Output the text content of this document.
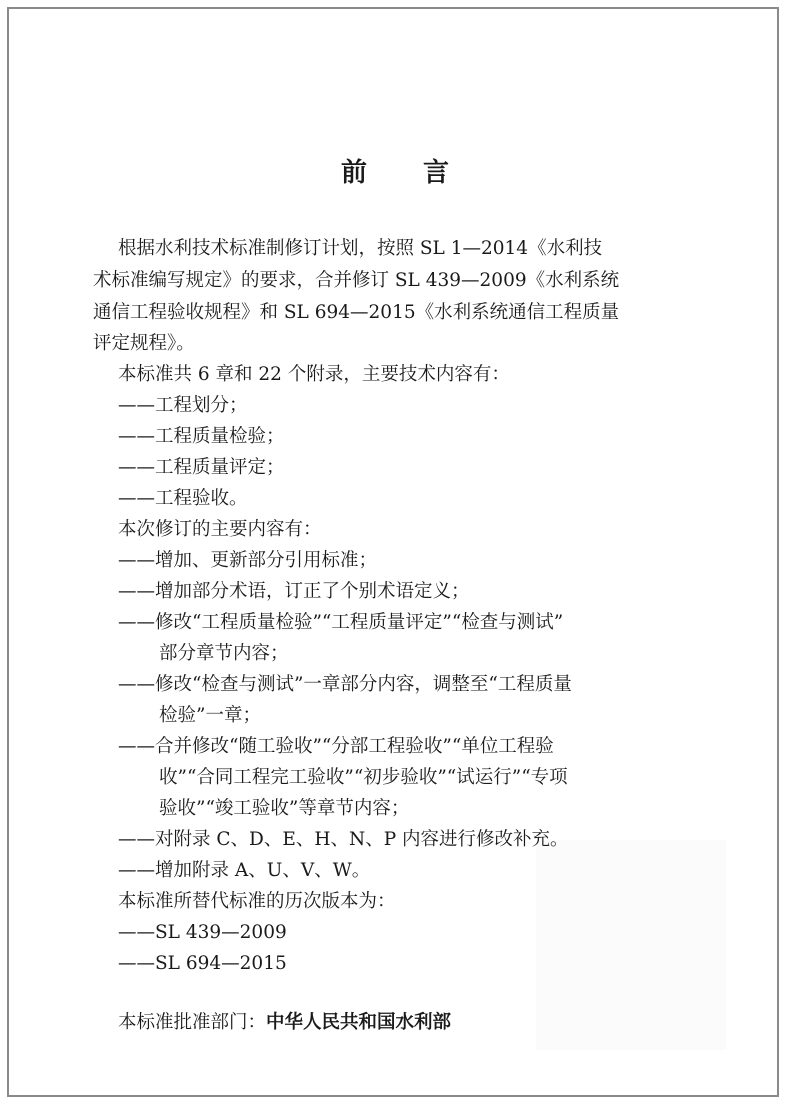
前 言
根据水利技术标准制修订计划，按照 SL 1—2014《水利技
术标准编写规定》的要求，合并修订 SL 439—2009《水利系统
通信工程验收规程》和 SL 694—2015《水利系统通信工程质量
评定规程》。
本标准共 6 章和 22 个附录，主要技术内容有：
——工程划分；
——工程质量检验；
——工程质量评定；
——工程验收。
本次修订的主要内容有：
——增加、更新部分引用标准；
——增加部分术语，订正了个别术语定义；
——修改“工程质量检验”“工程质量评定”“检查与测试”
部分章节内容；
——修改“检查与测试”一章部分内容，调整至“工程质量
检验”一章；
——合并修改“随工验收”“分部工程验收”“单位工程验
收”“合同工程完工验收”“初步验收”“试运行”“专项
验收”“竣工验收”等章节内容；
——对附录 C、D、E、H、N、P 内容进行修改补充。
——增加附录 A、U、V、W。
本标准所替代标准的历次版本为：
——SL 439—2009
——SL 694—2015
本标准批准部门：中华人民共和国水利部
